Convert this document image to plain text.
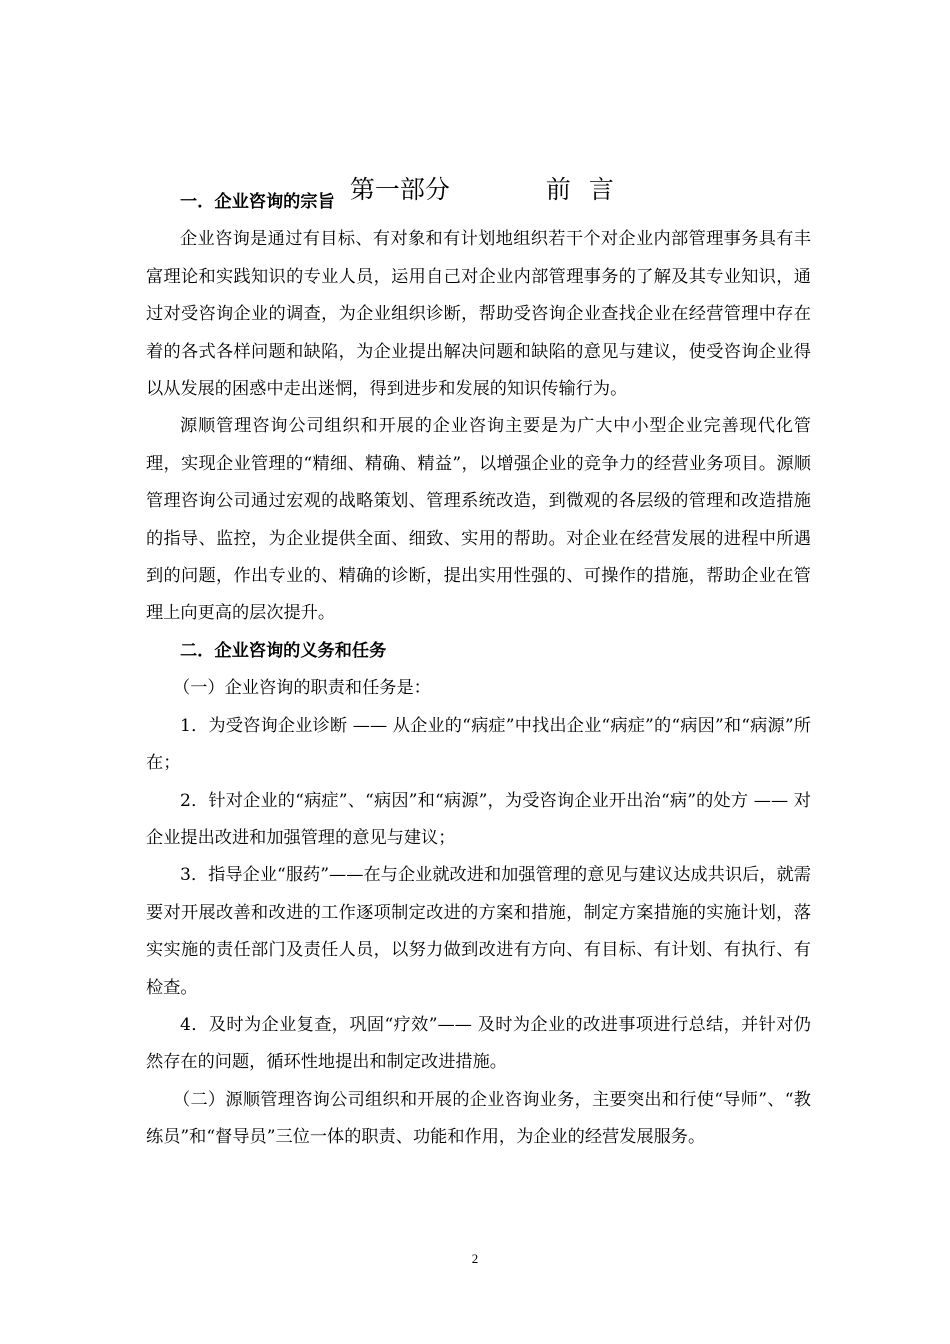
第一部分	前言

一．企业咨询的宗旨

企业咨询是通过有目标、有对象和有计划地组织若干个对企业内部管理事务具有丰富理论和实践知识的专业人员，运用自己对企业内部管理事务的了解及其专业知识，通过对受咨询企业的调查，为企业组织诊断，帮助受咨询企业查找企业在经营管理中存在着的各式各样问题和缺陷，为企业提出解决问题和缺陷的意见与建议，使受咨询企业得以从发展的困惑中走出迷惘，得到进步和发展的知识传输行为。

源顺管理咨询公司组织和开展的企业咨询主要是为广大中小型企业完善现代化管理，实现企业管理的“精细、精确、精益”，以增强企业的竞争力的经营业务项目。源顺管理咨询公司通过宏观的战略策划、管理系统改造，到微观的各层级的管理和改造措施的指导、监控，为企业提供全面、细致、实用的帮助。对企业在经营发展的进程中所遇到的问题，作出专业的、精确的诊断，提出实用性强的、可操作的措施，帮助企业在管理上向更高的层次提升。

二．企业咨询的义务和任务

（一）企业咨询的职责和任务是：

1．为受咨询企业诊断 —— 从企业的“病症”中找出企业“病症”的“病因”和“病源”所在；

2．针对企业的“病症”、“病因”和“病源”，为受咨询企业开出治“病”的处方 —— 对企业提出改进和加强管理的意见与建议；

3．指导企业“服药”——在与企业就改进和加强管理的意见与建议达成共识后，就需要对开展改善和改进的工作逐项制定改进的方案和措施，制定方案措施的实施计划，落实实施的责任部门及责任人员，以努力做到改进有方向、有目标、有计划、有执行、有检查。

4．及时为企业复查，巩固“疗效”—— 及时为企业的改进事项进行总结，并针对仍然存在的问题，循环性地提出和制定改进措施。

（二）源顺管理咨询公司组织和开展的企业咨询业务，主要突出和行使“导师”、“教练员”和“督导员”三位一体的职责、功能和作用，为企业的经营发展服务。

2
